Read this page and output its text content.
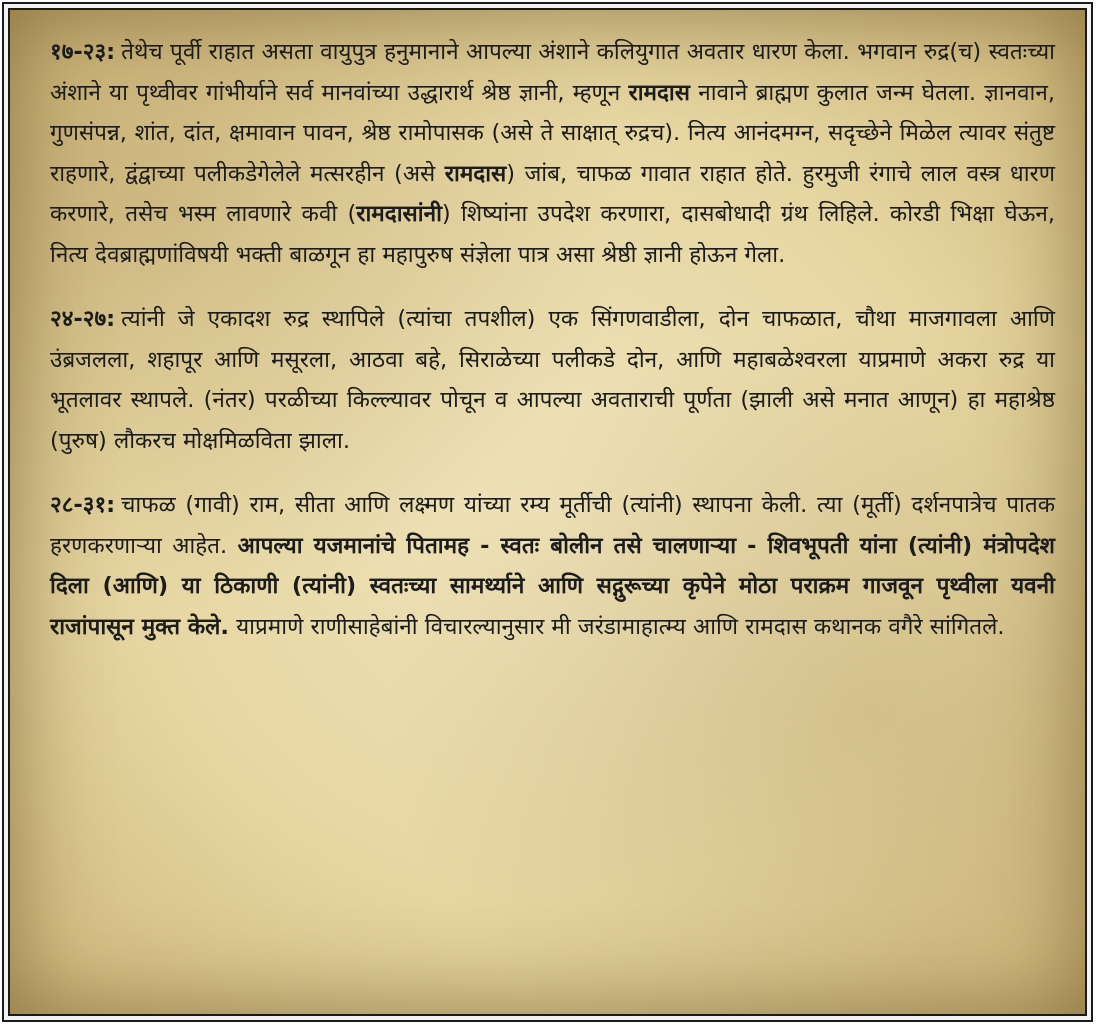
१७-२३: तेथेच पूर्वी राहात असता वायुपुत्र हनुमानाने आपल्या अंशाने कलियुगात अवतार धारण केला. भगवान रुद्र(च) स्वतःच्या अंशाने या पृथ्वीवर गांभीर्याने सर्व मानवांच्या उद्धारार्थ श्रेष्ठ ज्ञानी, म्हणून रामदास नावाने ब्राह्मण कुलात जन्म घेतला. ज्ञानवान, गुणसंपन्न, शांत, दांत, क्षमावान पावन, श्रेष्ठ रामोपासक (असे ते साक्षात् रुद्रच). नित्य आनंदमग्न, सदृच्छेने मिळेल त्यावर संतुष्ट राहणारे, द्वंद्वाच्या पलीकडेगेलेले मत्सरहीन (असे रामदास) जांब, चाफळ गावात राहात होते. हुरमुजी रंगाचे लाल वस्त्र धारण करणारे, तसेच भस्म लावणारे कवी (रामदासांनी) शिष्यांना उपदेश करणारा, दासबोधादी ग्रंथ लिहिले. कोरडी भिक्षा घेऊन, नित्य देवब्राह्मणांविषयी भक्ती बाळगून हा महापुरुष संज्ञेला पात्र असा श्रेष्ठी ज्ञानी होऊन गेला.

२४-२७: त्यांनी जे एकादश रुद्र स्थापिले (त्यांचा तपशील) एक सिंगणवाडीला, दोन चाफळात, चौथा माजगावला आणि उंब्रजलला, शहापूर आणि मसूरला, आठवा बहे, सिराळेच्या पलीकडे दोन, आणि महाबळेश्वरला याप्रमाणे अकरा रुद्र या भूतलावर स्थापले. (नंतर) परळीच्या किल्ल्यावर पोचून व आपल्या अवताराची पूर्णता (झाली असे मनात आणून) हा महाश्रेष्ठ (पुरुष) लौकरच मोक्षमिळविता झाला.

२८-३१: चाफळ (गावी) राम, सीता आणि लक्ष्मण यांच्या रम्य मूर्तीची (त्यांनी) स्थापना केली. त्या (मूर्ती) दर्शनपात्रेच पातक हरणकरणाऱ्या आहेत. आपल्या यजमानांचे पितामह - स्वतः बोलीन तसे चालणाऱ्या - शिवभूपती यांना (त्यांनी) मंत्रोपदेश दिला (आणि) या ठिकाणी (त्यांनी) स्वतःच्या सामर्थ्याने आणि सद्गुरूच्या कृपेने मोठा पराक्रम गाजवून पृथ्वीला यवनी राजांपासून मुक्त केले. याप्रमाणे राणीसाहेबांनी विचारल्यानुसार मी जरंडामाहात्म्य आणि रामदास कथानक वगैरे सांगितले.
